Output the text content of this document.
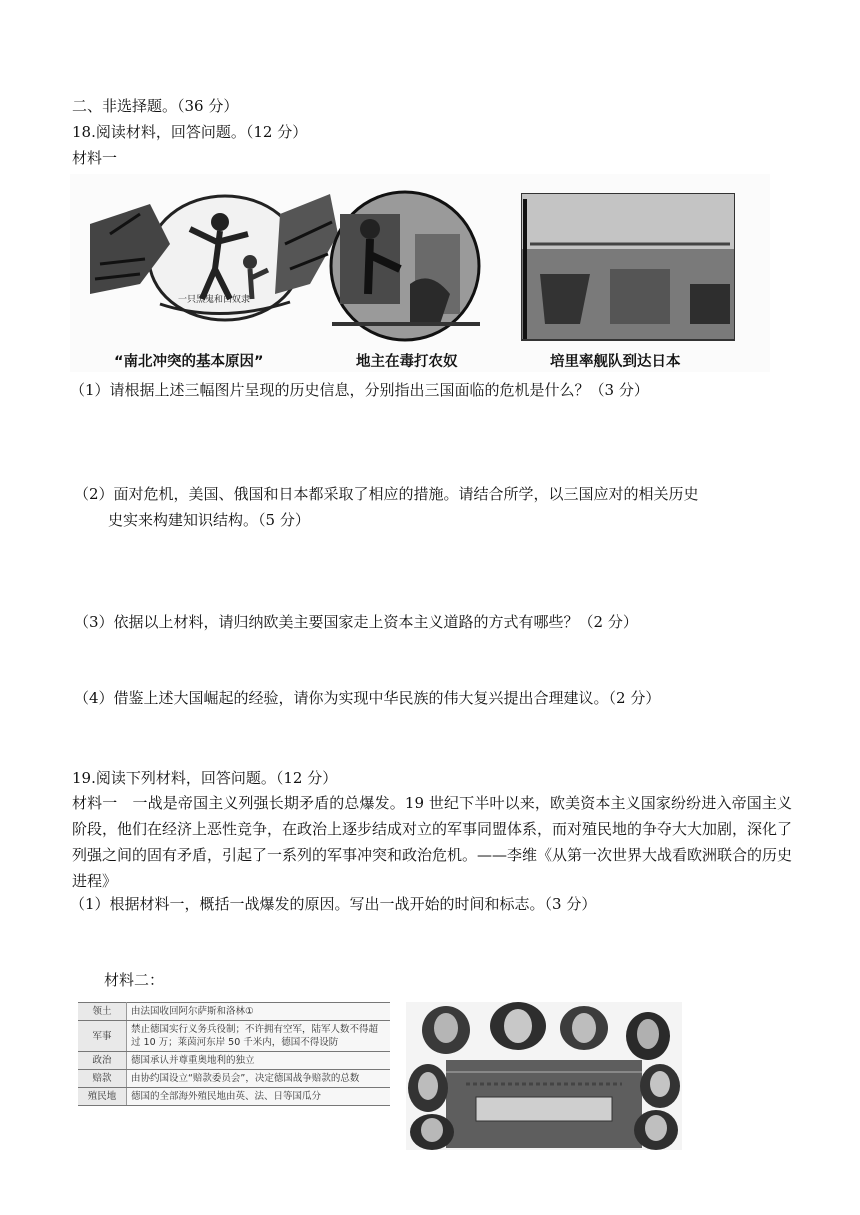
二、非选择题。（36 分）
18.阅读材料，回答问题。（12 分）
材料一
一只黑鬼和白奴隶
“南北冲突的基本原因”	地主在毒打农奴	培里率舰队到达日本
（1）请根据上述三幅图片呈现的历史信息，分别指出三国面临的危机是什么？（3 分）
（2）面对危机，美国、俄国和日本都采取了相应的措施。请结合所学，以三国应对的相关历史
史实来构建知识结构。（5 分）
（3）依据以上材料，请归纳欧美主要国家走上资本主义道路的方式有哪些？（2 分）
（4）借鉴上述大国崛起的经验，请你为实现中华民族的伟大复兴提出合理建议。（2 分）
19.阅读下列材料，回答问题。（12 分）
材料一　一战是帝国主义列强长期矛盾的总爆发。19 世纪下半叶以来，欧美资本主义国家纷纷进入帝国主义阶段，他们在经济上恶性竞争，在政治上逐步结成对立的军事同盟体系，而对殖民地的争夺大大加剧，深化了列强之间的固有矛盾，引起了一系列的军事冲突和政治危机。——李维《从第一次世界大战看欧洲联合的历史进程》
（1）根据材料一，概括一战爆发的原因。写出一战开始的时间和标志。（3 分）
材料二：
领土	由法国收回阿尔萨斯和洛林①
军事	禁止德国实行义务兵役制；不许拥有空军，陆军人数不得超过 10 万；莱茵河东岸 50 千米内，德国不得设防
政治	德国承认并尊重奥地利的独立
赔款	由协约国设立“赔款委员会”，决定德国战争赔款的总数
殖民地	德国的全部海外殖民地由英、法、日等国瓜分
